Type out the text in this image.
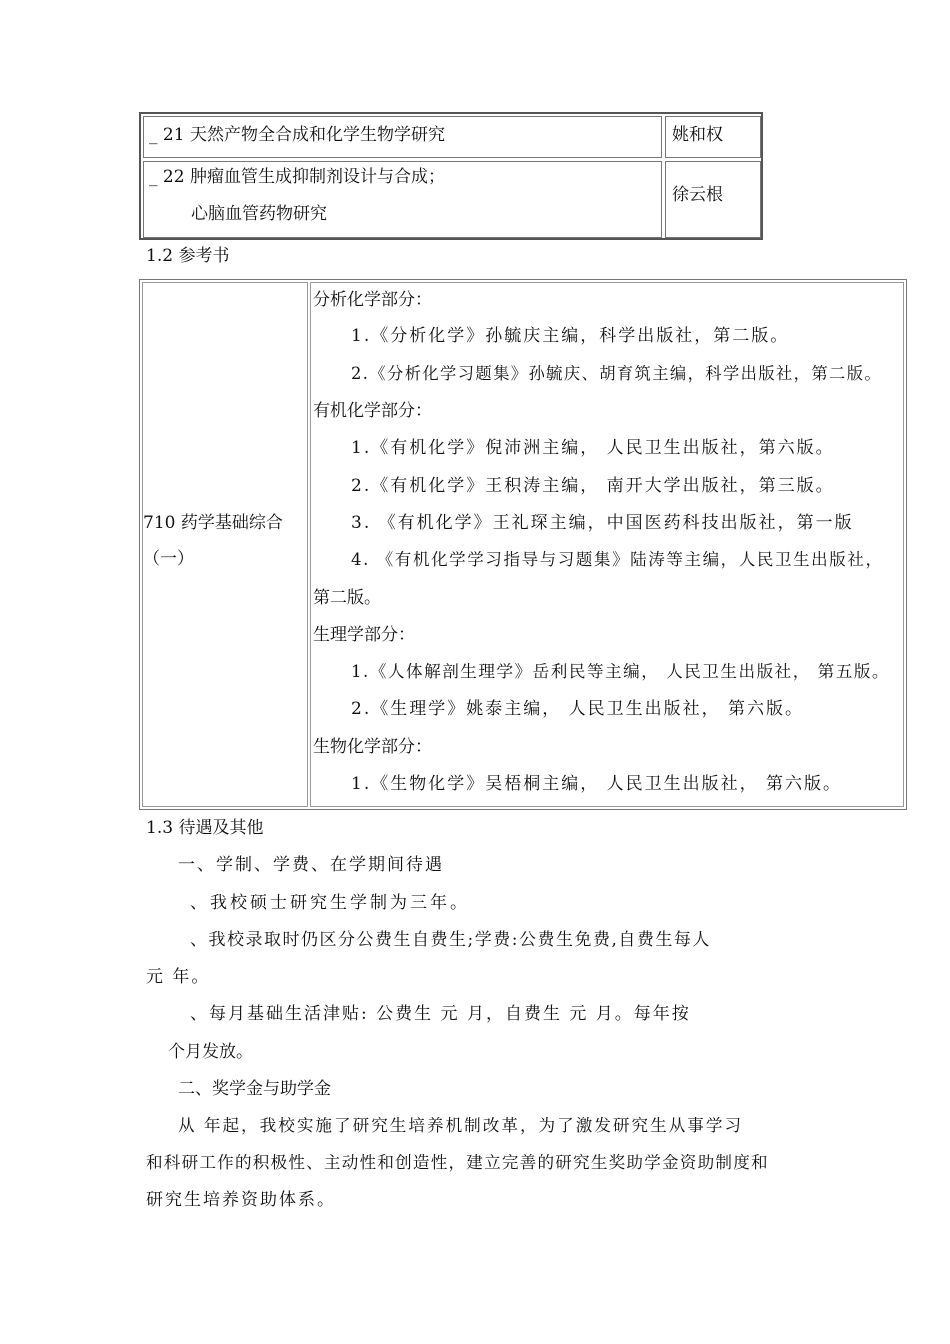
_ 21 天然产物全合成和化学生物学研究	姚和权
_ 22 肿瘤血管生成抑制剂设计与合成；
心脑血管药物研究
徐云根
1.2 参考书
710 药学基础综合
（一）
分析化学部分：
1.《分析化学》孙毓庆主编，科学出版社，第二版。
2.《分析化学习题集》孙毓庆、胡育筑主编，科学出版社，第二版。
有机化学部分：
1.《有机化学》倪沛洲主编， 人民卫生出版社，第六版。
2.《有机化学》王积涛主编， 南开大学出版社，第三版。
3. 《有机化学》王礼琛主编，中国医药科技出版社，第一版
4. 《有机化学学习指导与习题集》陆涛等主编，人民卫生出版社，
第二版。
生理学部分：
1.《人体解剖生理学》岳利民等主编， 人民卫生出版社， 第五版。
2.《生理学》姚泰主编， 人民卫生出版社， 第六版。
生物化学部分：
1.《生物化学》吴梧桐主编， 人民卫生出版社， 第六版。
1.3 待遇及其他
一、学制、学费、在学期间待遇
、我校硕士研究生学制为三年。
、我校录取时仍区分公费生自费生;学费:公费生免费,自费生每人
元 年。
、每月基础生活津贴: 公费生 元 月，自费生 元 月。每年按
个月发放。
二、奖学金与助学金
从 年起，我校实施了研究生培养机制改革，为了激发研究生从事学习
和科研工作的积极性、主动性和创造性，建立完善的研究生奖助学金资助制度和
研究生培养资助体系。
